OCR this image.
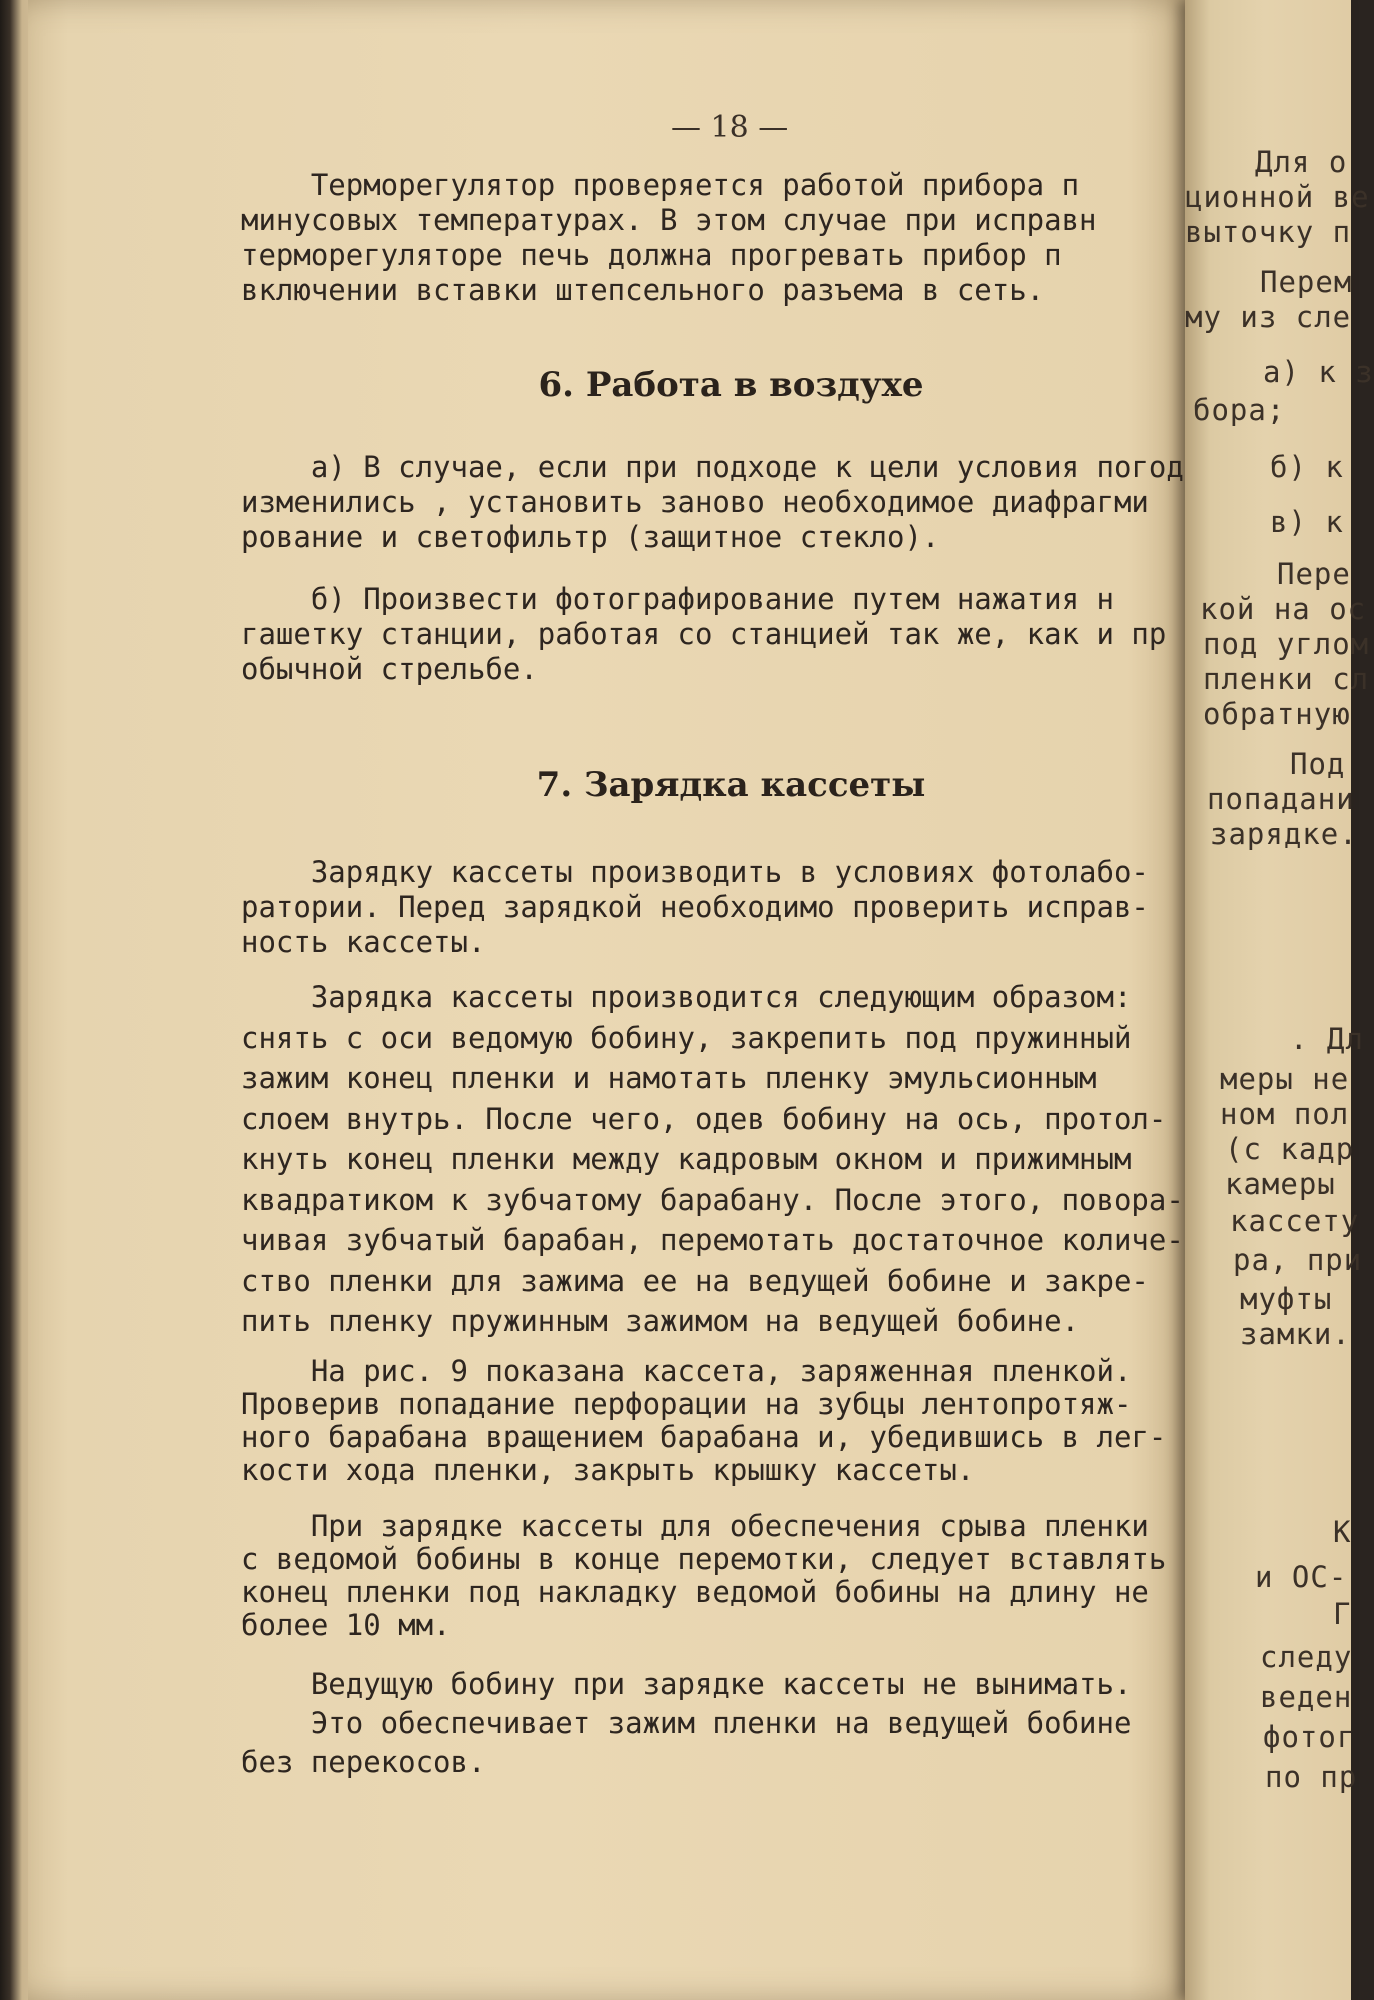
— 18 —
Терморегулятор проверяется работой прибора п
минусовых температурах. В этом случае при исправн
терморегуляторе печь должна прогревать прибор п
включении вставки штепсельного разъема в сеть.
6. Работа в воздухе
а) В случае, если при подходе к цели условия погод
изменились , установить заново необходимое диафрагми
рование и светофильтр (защитное стекло).
б) Произвести фотографирование путем нажатия н
гашетку станции, работая со станцией так же, как и пр
обычной стрельбе.
7. Зарядка кассеты
Зарядку кассеты производить в условиях фотолабо-
ратории. Перед зарядкой необходимо проверить исправ-
ность кассеты.
Зарядка кассеты производится следующим образом:
снять с оси ведомую бобину, закрепить под пружинный
зажим конец пленки и намотать пленку эмульсионным
слоем внутрь. После чего, одев бобину на ось, протол-
кнуть конец пленки между кадровым окном и прижимным
квадратиком к зубчатому барабану. После этого, повора-
чивая зубчатый барабан, перемотать достаточное количе-
ство пленки для зажима ее на ведущей бобине и закре-
пить пленку пружинным зажимом на ведущей бобине.
На рис. 9 показана кассета, заряженная пленкой.
Проверив попадание перфорации на зубцы лентопротяж-
ного барабана вращением барабана и, убедившись в лег-
кости хода пленки, закрыть крышку кассеты.
При зарядке кассеты для обеспечения срыва пленки
с ведомой бобины в конце перемотки, следует вставлять
конец пленки под накладку ведомой бобины на длину не
более 10 мм.
Ведущую бобину при зарядке кассеты не вынимать.
Это обеспечивает зажим пленки на ведущей бобине
без перекосов.
Для о
ционной ве
выточку п
Перем
му из сле
а) к з
бора;
б) к
в) к
Пере
кой на ос
под углом
пленки сл
обратную
Под
попадани
зарядке.
. Дл
меры не
ном пол
(с кадр
камеры
кассету
ра, при
муфты
замки.
К
и ОС-
Г
следу
веден
фотог
по пр
